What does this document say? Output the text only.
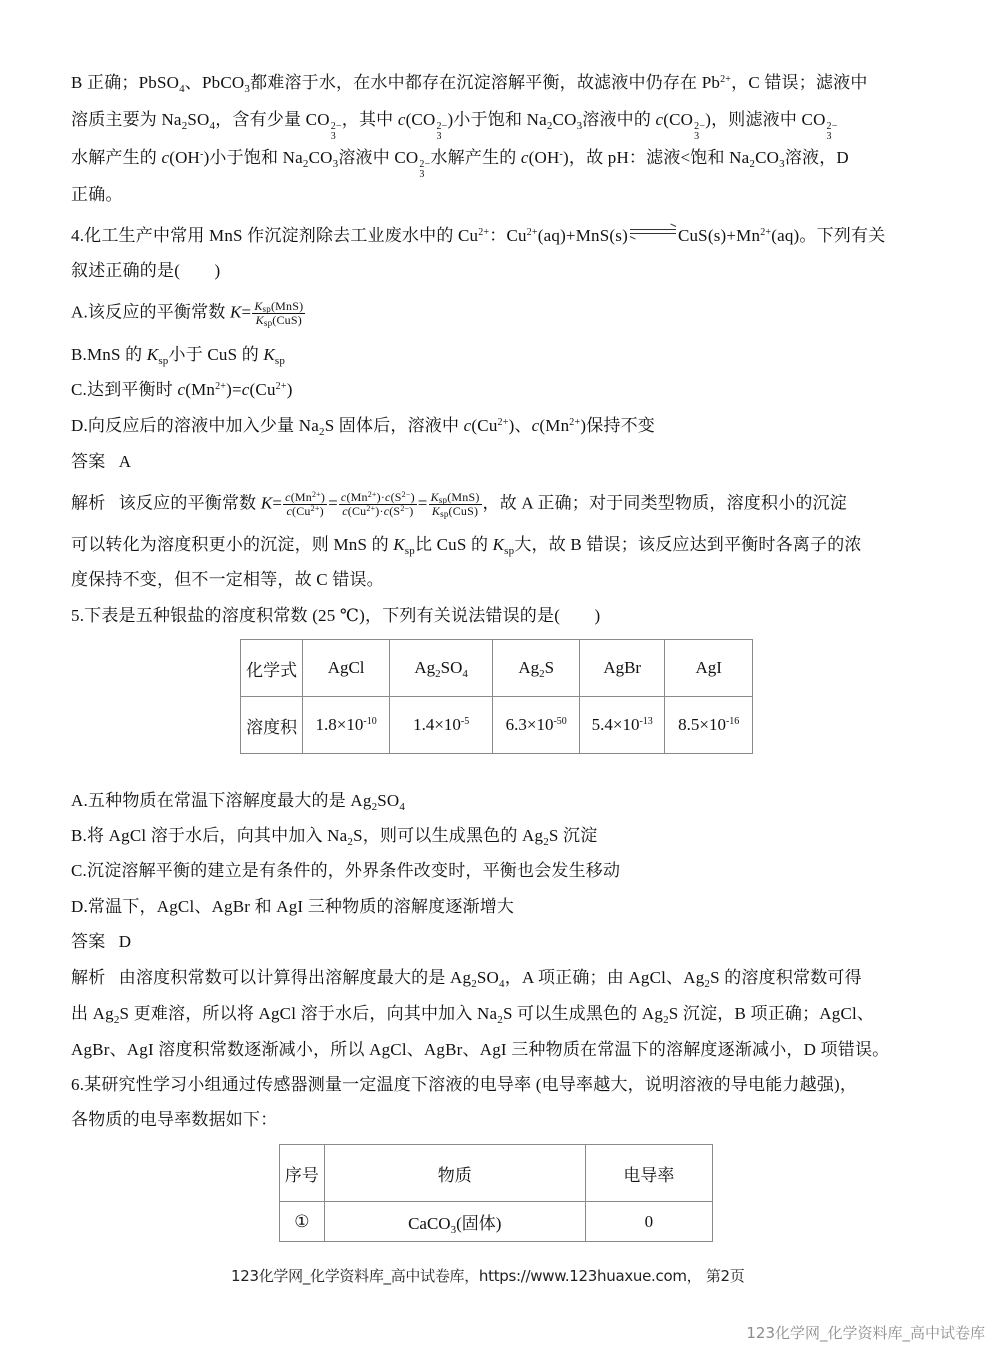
B 正确；PbSO$_4$、PbCO$_3$都难溶于水，在水中都存在沉淀溶解平衡，故滤液中仍存在 $Pb^{2+}$，C 错误；滤液中
溶质主要为 $Na_2SO_4$，含有少量 CO 2−
3
，其中 c(CO 2−
3
)小于饱和 $Na_2CO_3$溶液中的 c(CO 2−
3
)，则滤液中 CO 2−
3
水解产生的 c(OH-)小于饱和 $Na_2CO_3$溶液中 CO 2−
3
水解产生的 c(OH-)，故 pH：滤液<饱和 $Na_2CO_3$溶液，D
正确。
4.化工生产中常用 MnS 作沉淀剂除去工业废水中的 $Cu^{2+}$：$Cu^{2+}(aq)+MnS(s)$	$CuS(s)+Mn^{2+}(aq)$。下列有关
叙述正确的是(　　)
A.该反应的平衡常数 $K= \frac{K_{sp}(MnS)}{K_{sp}(CuS)}$
B.MnS 的 $K_{sp}$小于 CuS 的 $K_{sp}$
C.达到平衡时 $c(Mn^{2+})=c(Cu^{2+})$
D.向反应后的溶液中加入少量 $Na_2S$ 固体后，溶液中 $c(Cu^{2+})$、$c(Mn^{2+})$保持不变
答案 A
解析 该反应的平衡常数 $K= \frac{c(Mn^{2+})}{c(Cu^{2+})} = \frac{c(Mn^{2+})\cdot c(S^{2-})}{c(Cu^{2+})\cdot c(S^{2-})} = \frac{K_{sp}(MnS)}{K_{sp}(CuS)}$ ，故 A 正确；对于同类型物质，溶度积小的沉淀
可以转化为溶度积更小的沉淀，则 MnS 的 $K_{sp}$比 CuS 的 $K_{sp}$大，故 B 错误；该反应达到平衡时各离子的浓
度保持不变，但不一定相等，故 C 错误。
5.下表是五种银盐的溶度积常数 (25 ℃)，下列有关说法错误的是(　　)
化学式	AgCl	$Ag_2SO_4$	$Ag_2S$	AgBr	AgI
溶度积	$1.8\times 10^{-10}$	$1.4\times 10^{-5}$	$6.3\times 10^{-50}$	$5.4\times 10^{-13}$	$8.5\times 10^{-16}$
A.五种物质在常温下溶解度最大的是 $Ag_2SO_4$
B.将 AgCl 溶于水后，向其中加入 $Na_2S$，则可以生成黑色的 $Ag_2S$ 沉淀
C.沉淀溶解平衡的建立是有条件的，外界条件改变时，平衡也会发生移动
D.常温下，AgCl、AgBr 和 AgI 三种物质的溶解度逐渐增大
答案 D
解析 由溶度积常数可以计算得出溶解度最大的是 $Ag_2SO_4$，A 项正确；由 AgCl、$Ag_2S$ 的溶度积常数可得
出 $Ag_2S$ 更难溶，所以将 AgCl 溶于水后，向其中加入 $Na_2S$ 可以生成黑色的 $Ag_2S$ 沉淀，B 项正确；AgCl、
AgBr、AgI 溶度积常数逐渐减小，所以 AgCl、AgBr、AgI 三种物质在常温下的溶解度逐渐减小，D 项错误。
6.某研究性学习小组通过传感器测量一定温度下溶液的电导率 (电导率越大，说明溶液的导电能力越强)，
各物质的电导率数据如下：
序号	物质	电导率
①	CaCO$_3$(固体)	0
123化学网_化学资料库_高中试卷库，https://www.123huaxue.com， 第2页
123化学网_化学资料库_高中试卷库
